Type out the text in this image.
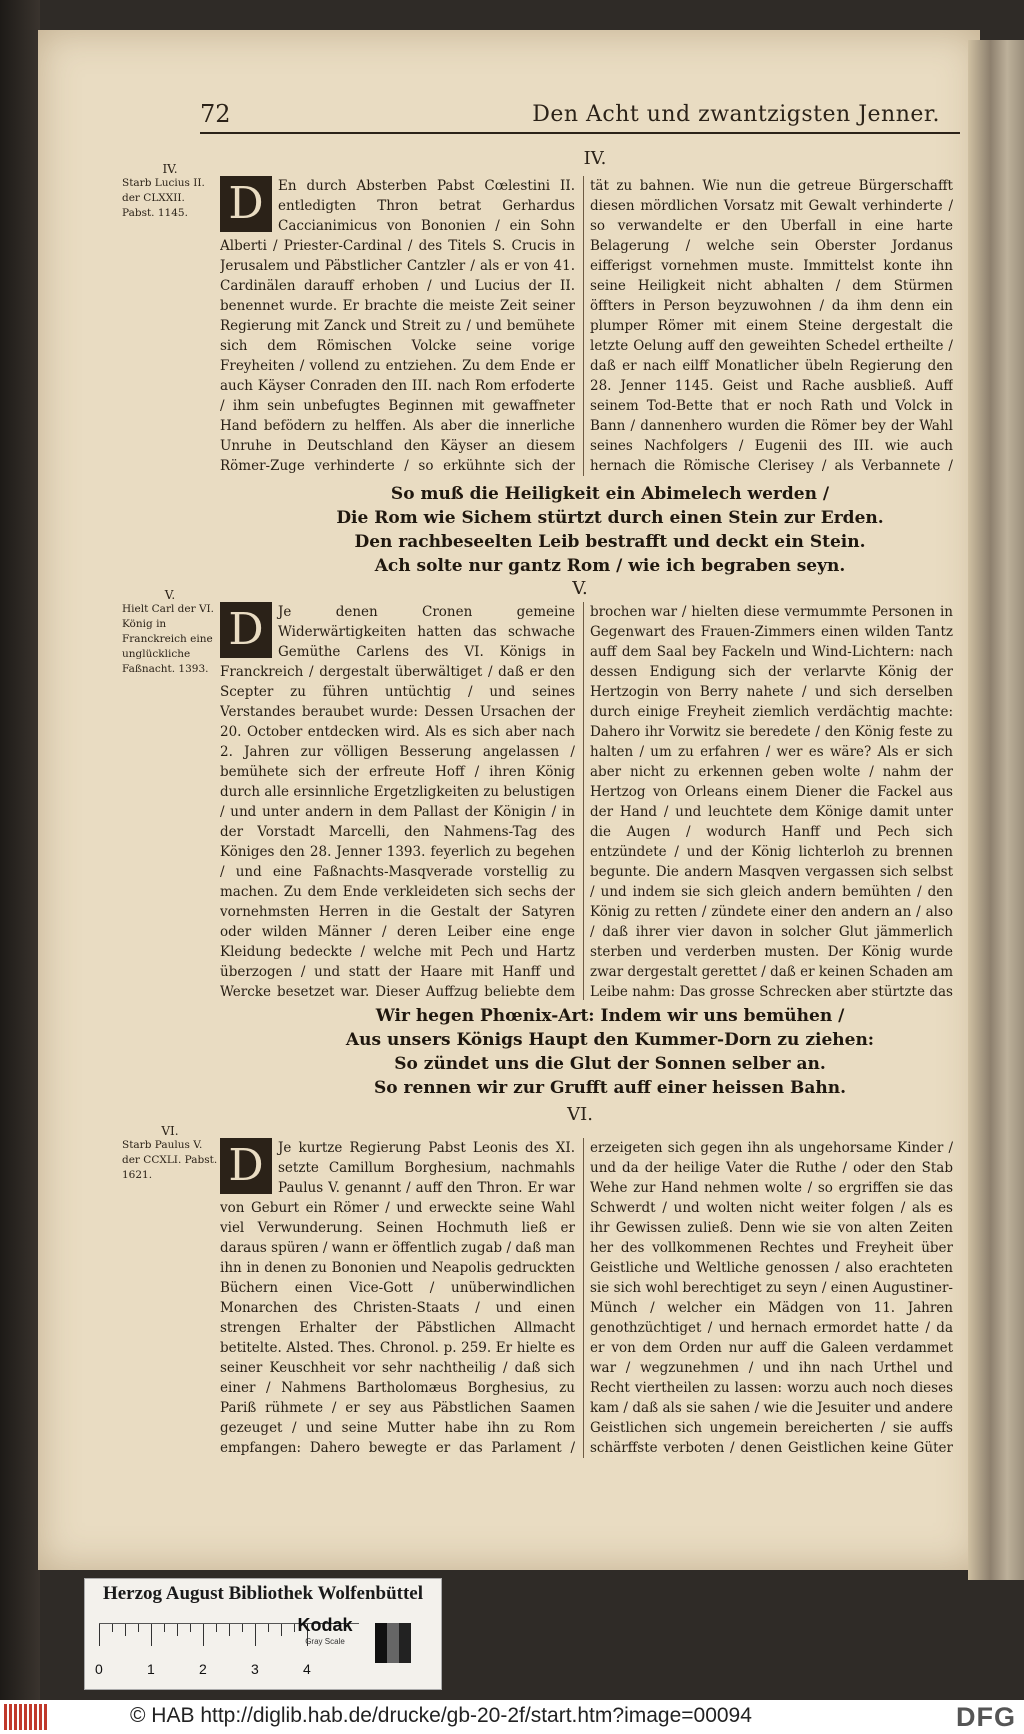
72	Den Acht und zwantzigsten Jenner.
IV.
IV.
Starb Lucius II. der CLXXII. Pabst. 1145. D	En durch Absterben Pabst Cœlestini II. entledigten Thron betrat Gerhardus Caccianimicus von Bononien / ein Sohn Alberti / Priester-Cardinal / des Titels S. Crucis in Jerusalem und Päbstlicher Cantzler / als er von 41. Cardinälen darauff erhoben / und Lucius der II. benennet wurde. Er brachte die meiste Zeit seiner Regierung mit Zanck und Streit zu / und bemühete sich dem Römischen Volcke seine vorige Freyheiten / vollend zu entziehen. Zu dem Ende er auch Käyser Conraden den III. nach Rom erfoderte / ihm sein unbefugtes Beginnen mit gewaffneter Hand befödern zu helffen. Als aber die innerliche Unruhe in Deutschland den Käyser an diesem Römer-Zuge verhinderte / so erkühnte sich der
tät zu bahnen. Wie nun die getreue Bürgerschafft diesen mördlichen Vorsatz mit Gewalt verhinderte / so verwandelte er den Uberfall in eine harte Belagerung / welche sein Oberster Jordanus eifferigst vornehmen muste. Immittelst konte ihn seine Heiligkeit nicht abhalten / dem Stürmen öffters in Person beyzuwohnen / da ihm denn ein plumper Römer mit einem Steine dergestalt die letzte Oelung auff den geweihten Schedel ertheilte / daß er nach eilff Monatlicher übeln Regierung den 28. Jenner 1145. Geist und Rache ausbließ. Auff seinem Tod-Bette that er noch Rath und Volck in Bann / dannenhero wurden die Römer bey der Wahl seines Nachfolgers / Eugenii des III. wie auch hernach die Römische Clerisey / als Verbannete /
So muß die Heiligkeit ein Abimelech werden /
Die Rom wie Sichem stürtzt durch einen Stein zur Erden.
Den rachbeseelten Leib bestrafft und deckt ein Stein.
Ach solte nur gantz Rom / wie ich begraben seyn.
V.
V.
Hielt Carl der VI. König in Franckreich eine unglückliche Faßnacht. 1393.
D	Je denen Cronen gemeine Widerwärtigkeiten hatten das schwache Gemüthe Carlens des VI. Königs in Franckreich / dergestalt überwältiget / daß er den Scepter zu führen untüchtig / und seines Verstandes beraubet wurde: Dessen Ursachen der 20. October entdecken wird. Als es sich aber nach 2. Jahren zur völligen Besserung angelassen / bemühete sich der erfreute Hoff / ihren König durch alle ersinnliche Ergetzligkeiten zu belustigen / und unter andern in dem Pallast der Königin / in der Vorstadt Marcelli, den Nahmens-Tag des Königes den 28. Jenner 1393. feyerlich zu begehen / und eine Faßnachts-Masqverade vorstellig zu machen. Zu dem Ende verkleideten sich sechs der vornehmsten Herren in die Gestalt der Satyren oder wilden Männer / deren Leiber eine enge Kleidung bedeckte / welche mit Pech und Hartz überzogen / und statt der Haare mit Hanff und Wercke besetzet war. Dieser Auffzug beliebte dem
brochen war / hielten diese vermummte Personen in Gegenwart des Frauen-Zimmers einen wilden Tantz auff dem Saal bey Fackeln und Wind-Lichtern: nach dessen Endigung sich der verlarvte König der Hertzogin von Berry nahete / und sich derselben durch einige Freyheit ziemlich verdächtig machte: Dahero ihr Vorwitz sie beredete / den König feste zu halten / um zu erfahren / wer es wäre? Als er sich aber nicht zu erkennen geben wolte / nahm der Hertzog von Orleans einem Diener die Fackel aus der Hand / und leuchtete dem Könige damit unter die Augen / wodurch Hanff und Pech sich entzündete / und der König lichterloh zu brennen begunte. Die andern Masqven vergassen sich selbst / und indem sie sich gleich andern bemühten / den König zu retten / zündete einer den andern an / also / daß ihrer vier davon in solcher Glut jämmerlich sterben und verderben musten. Der König wurde zwar dergestalt gerettet / daß er keinen Schaden am Leibe nahm: Das grosse Schrecken aber stürtzte das
Wir hegen Phœnix-Art: Indem wir uns bemühen /
Aus unsers Königs Haupt den Kummer-Dorn zu ziehen:
So zündet uns die Glut der Sonnen selber an.
So rennen wir zur Grufft auff einer heissen Bahn.
VI.
VI.
Starb Paulus V. der CCXLI. Pabst. 1621.	D	Je kurtze Regierung Pabst Leonis des XI. setzte Camillum Borghesium, nachmahls Paulus V. genannt / auff den Thron. Er war von Geburt ein Römer / und erweckte seine Wahl viel Verwunderung. Seinen Hochmuth ließ er daraus spüren / wann er öffentlich zugab / daß man ihn in denen zu Bononien und Neapolis gedruckten Büchern einen Vice-Gott / unüberwindlichen Monarchen des Christen-Staats / und einen strengen Erhalter der Päbstlichen Allmacht betitelte. Alsted. Thes. Chronol. p. 259. Er hielte es seiner Keuschheit vor sehr nachtheilig / daß sich einer / Nahmens Bartholomæus Borghesius, zu Pariß rühmete / er sey aus Päbstlichen Saamen gezeuget / und seine Mutter habe ihn zu Rom empfangen: Dahero bewegte er das Parlament /
erzeigeten sich gegen ihn als ungehorsame Kinder / und da der heilige Vater die Ruthe / oder den Stab Wehe zur Hand nehmen wolte / so ergriffen sie das Schwerdt / und wolten nicht weiter folgen / als es ihr Gewissen zuließ. Denn wie sie von alten Zeiten her des vollkommenen Rechtes und Freyheit über Geistliche und Weltliche genossen / also erachteten sie sich wohl berechtiget zu seyn / einen Augustiner-Münch / welcher ein Mädgen von 11. Jahren genothzüchtiget / und hernach ermordet hatte / da er von dem Orden nur auff die Galeen verdammet war / wegzunehmen / und ihn nach Urthel und Recht viertheilen zu lassen: worzu auch noch dieses kam / daß als sie sahen / wie die Jesuiter und andere Geistlichen sich ungemein bereicherten / sie auffs schärffste verboten / denen Geistlichen keine Güter
Herzog August Bibliothek Wolfenbüttel
0	1	2	3	4
Kodak
Gray Scale
© HAB http://diglib.hab.de/drucke/gb-20-2f/start.htm?image=00094	DFG
